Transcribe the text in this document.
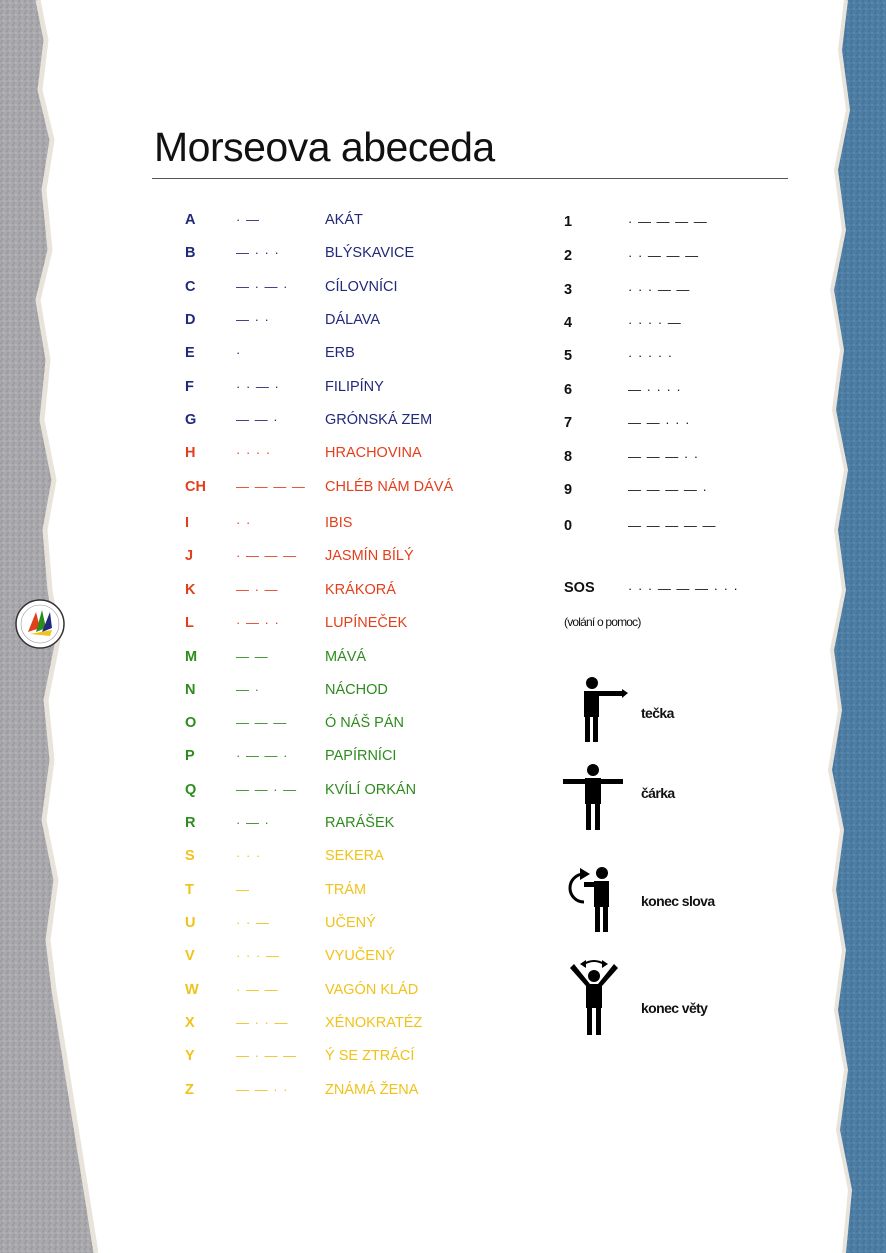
Morseova abeceda
A	· —	AKÁT
B	— · · ·	BLÝSKAVICE
C	— · — ·	CÍLOVNÍCI
D	— · ·	DÁLAVA
E	·	ERB
F	· · — ·	FILIPÍNY
G	— — ·	GRÓNSKÁ ZEM
H	· · · ·	HRACHOVINA
CH — — — — CHLÉB NÁM DÁVÁ
I	· ·	IBIS
J	· — — — JASMÍN BÍLÝ
K	— · —	KRÁKORÁ
L	· — · ·	LUPÍNEČEK
M	— —	MÁVÁ
N	— ·	NÁCHOD
O	— — —	Ó NÁŠ PÁN
P	· — — ·	PAPÍRNÍCI
Q	— — · — KVÍLÍ ORKÁN
R	· — ·	RARÁŠEK
S	· · ·	SEKERA
T	—	TRÁM
U	· · —	UČENÝ
V	· · · —	VYUČENÝ
W	· — —	VAGÓN KLÁD
X	— · · —	XÉNOKRATÉZ
Y	— · — — Ý SE ZTRÁCÍ
Z	— — · ·	ZNÁMÁ ŽENA
1	· — — — —
2	· · — — —
3	· · · — —
4	· · · · —
5	· · · · ·
6	— · · · ·
7	— — · · ·
8	— — — · ·
9	— — — — ·
0	— — — — —
SOS	· · · — — — · · ·
(volání o pomoc)
tečka
čárka
konec slova
konec věty
